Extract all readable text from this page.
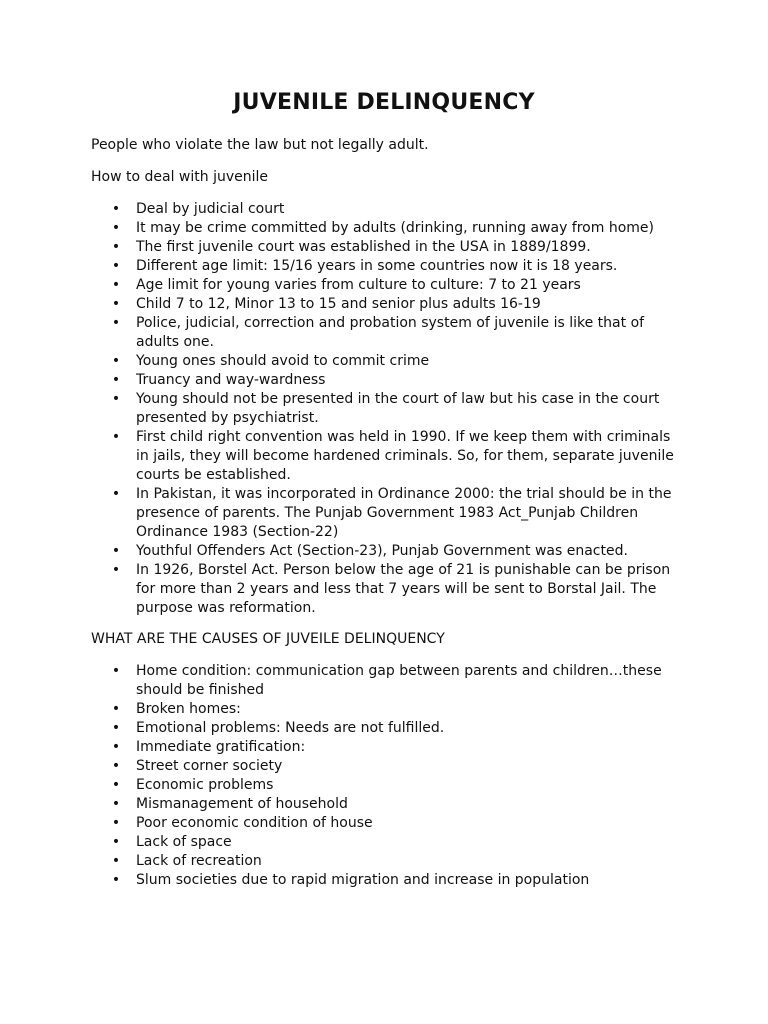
JUVENILE DELINQUENCY

People who violate the law but not legally adult.

How to deal with juvenile

• Deal by judicial court
• It may be crime committed by adults (drinking, running away from home)
• The first juvenile court was established in the USA in 1889/1899.
• Different age limit: 15/16 years in some countries now it is 18 years.
• Age limit for young varies from culture to culture: 7 to 21 years
• Child 7 to 12, Minor 13 to 15 and senior plus adults 16-19
• Police, judicial, correction and probation system of juvenile is like that of adults one.
• Young ones should avoid to commit crime
• Truancy and way-wardness
• Young should not be presented in the court of law but his case in the court presented by psychiatrist.
• First child right convention was held in 1990. If we keep them with criminals in jails, they will become hardened criminals. So, for them, separate juvenile courts be established.
• In Pakistan, it was incorporated in Ordinance 2000: the trial should be in the presence of parents. The Punjab Government 1983 Act_Punjab Children Ordinance 1983 (Section-22)
• Youthful Offenders Act (Section-23), Punjab Government was enacted.
• In 1926, Borstel Act. Person below the age of 21 is punishable can be prison for more than 2 years and less that 7 years will be sent to Borstal Jail. The purpose was reformation.

WHAT ARE THE CAUSES OF JUVEILE DELINQUENCY

• Home condition: communication gap between parents and children…these should be finished
• Broken homes:
• Emotional problems: Needs are not fulfilled.
• Immediate gratification:
• Street corner society
• Economic problems
• Mismanagement of household
• Poor economic condition of house
• Lack of space
• Lack of recreation
• Slum societies due to rapid migration and increase in population
